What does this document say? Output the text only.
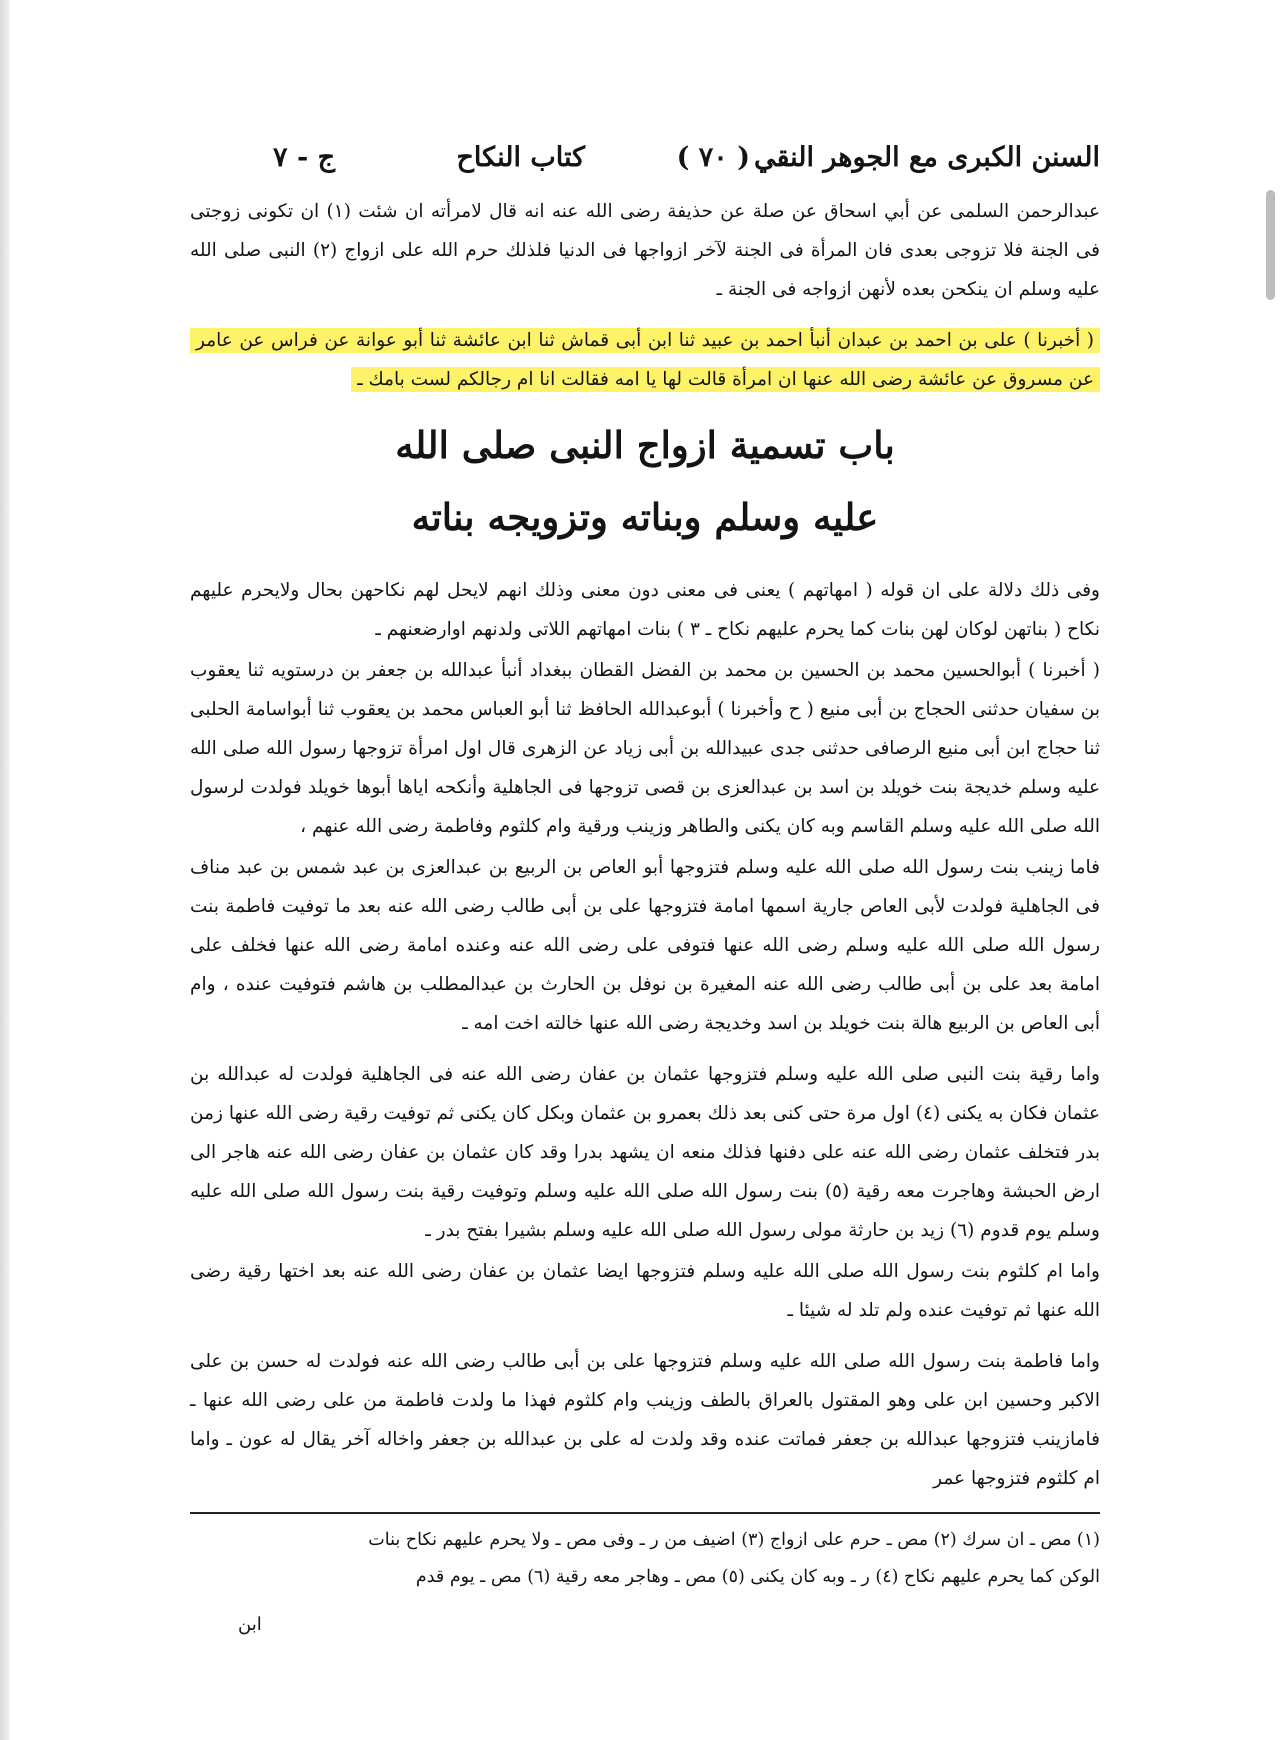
السنن الكبرى مع الجوهر النقي
( ٧٠ )
كتاب النكاح
ج - ٧

عبدالرحمن السلمى عن أبي اسحاق عن صلة عن حذيفة رضى الله عنه انه قال لامرأته ان شئت (١) ان تكونى زوجتى فى الجنة فلا تزوجى بعدى فان المرأة فى الجنة لآخر ازواجها فى الدنيا فلذلك حرم الله على ازواج (٢) النبى صلى الله عليه وسلم ان ينكحن بعده لأنهن ازواجه فى الجنة ـ

( أخبرنا ) على بن احمد بن عبدان أنبأ احمد بن عبيد ثنا ابن أبى قماش ثنا ابن عائشة ثنا أبو عوانة عن فراس عن عامر عن مسروق عن عائشة رضى الله عنها ان امرأة قالت لها يا امه فقالت انا ام رجالكم لست بامك ـ

باب تسمية ازواج النبى صلى الله
عليه وسلم وبناته وتزويجه بناته

وفى ذلك دلالة على ان قوله ( امهاتهم ) يعنى فى معنى دون معنى وذلك انهم لايحل لهم نكاحهن بحال ولايحرم عليهم نكاح ( بناتهن لوكان لهن بنات كما يحرم عليهم نكاح ـ ٣ ) بنات امهاتهم اللاتى ولدنهم اوارضعنهم ـ

( أخبرنا ) أبوالحسين محمد بن الحسين بن محمد بن الفضل القطان ببغداد أنبأ عبدالله بن جعفر بن درستويه ثنا يعقوب بن سفيان حدثنى الحجاج بن أبى منيع ( ح وأخبرنا ) أبوعبدالله الحافظ ثنا أبو العباس محمد بن يعقوب ثنا أبواسامة الحلبى ثنا حجاج ابن أبى منيع الرصافى حدثنى جدى عبيدالله بن أبى زياد عن الزهرى قال اول امرأة تزوجها رسول الله صلى الله عليه وسلم خديجة بنت خويلد بن اسد بن عبدالعزى بن قصى تزوجها فى الجاهلية وأنكحه اياها أبوها خويلد فولدت لرسول الله صلى الله عليه وسلم القاسم وبه كان يكنى والطاهر وزينب ورقية وام كلثوم وفاطمة رضى الله عنهم ،

فاما زينب بنت رسول الله صلى الله عليه وسلم فتزوجها أبو العاص بن الربيع بن عبدالعزى بن عبد شمس بن عبد مناف فى الجاهلية فولدت لأبى العاص جارية اسمها امامة فتزوجها على بن أبى طالب رضى الله عنه بعد ما توفيت فاطمة بنت رسول الله صلى الله عليه وسلم رضى الله عنها فتوفى على رضى الله عنه وعنده امامة رضى الله عنها فخلف على امامة بعد على بن أبى طالب رضى الله عنه المغيرة بن نوفل بن الحارث بن عبدالمطلب بن هاشم فتوفيت عنده ، وام أبى العاص بن الربيع هالة بنت خويلد بن اسد وخديجة رضى الله عنها خالته اخت امه ـ

واما رقية بنت النبى صلى الله عليه وسلم فتزوجها عثمان بن عفان رضى الله عنه فى الجاهلية فولدت له عبدالله بن عثمان فكان به يكنى (٤) اول مرة حتى كنى بعد ذلك بعمرو بن عثمان وبكل كان يكنى ثم توفيت رقية رضى الله عنها زمن بدر فتخلف عثمان رضى الله عنه على دفنها فذلك منعه ان يشهد بدرا وقد كان عثمان بن عفان رضى الله عنه هاجر الى ارض الحبشة وهاجرت معه رقية (٥) بنت رسول الله صلى الله عليه وسلم وتوفيت رقية بنت رسول الله صلى الله عليه وسلم يوم قدوم (٦) زيد بن حارثة مولى رسول الله صلى الله عليه وسلم بشيرا بفتح بدر ـ

واما ام كلثوم بنت رسول الله صلى الله عليه وسلم فتزوجها ايضا عثمان بن عفان رضى الله عنه بعد اختها رقية رضى الله عنها ثم توفيت عنده ولم تلد له شيئا ـ

واما فاطمة بنت رسول الله صلى الله عليه وسلم فتزوجها على بن أبى طالب رضى الله عنه فولدت له حسن بن على الاكبر وحسين ابن على وهو المقتول بالعراق بالطف وزينب وام كلثوم فهذا ما ولدت فاطمة من على رضى الله عنها ـ فامازينب فتزوجها عبدالله بن جعفر فماتت عنده وقد ولدت له على بن عبدالله بن جعفر واخاله آخر يقال له عون ـ واما ام كلثوم فتزوجها عمر

(١) مص ـ ان سرك (٢) مص ـ حرم على ازواج (٣) اضيف من ر ـ وفى مص ـ ولا يحرم عليهم نكاح بنات
الوكن كما يحرم عليهم نكاح (٤) ر ـ وبه كان يكنى (٥) مص ـ وهاجر معه رقية (٦) مص ـ يوم قدم
ابن
